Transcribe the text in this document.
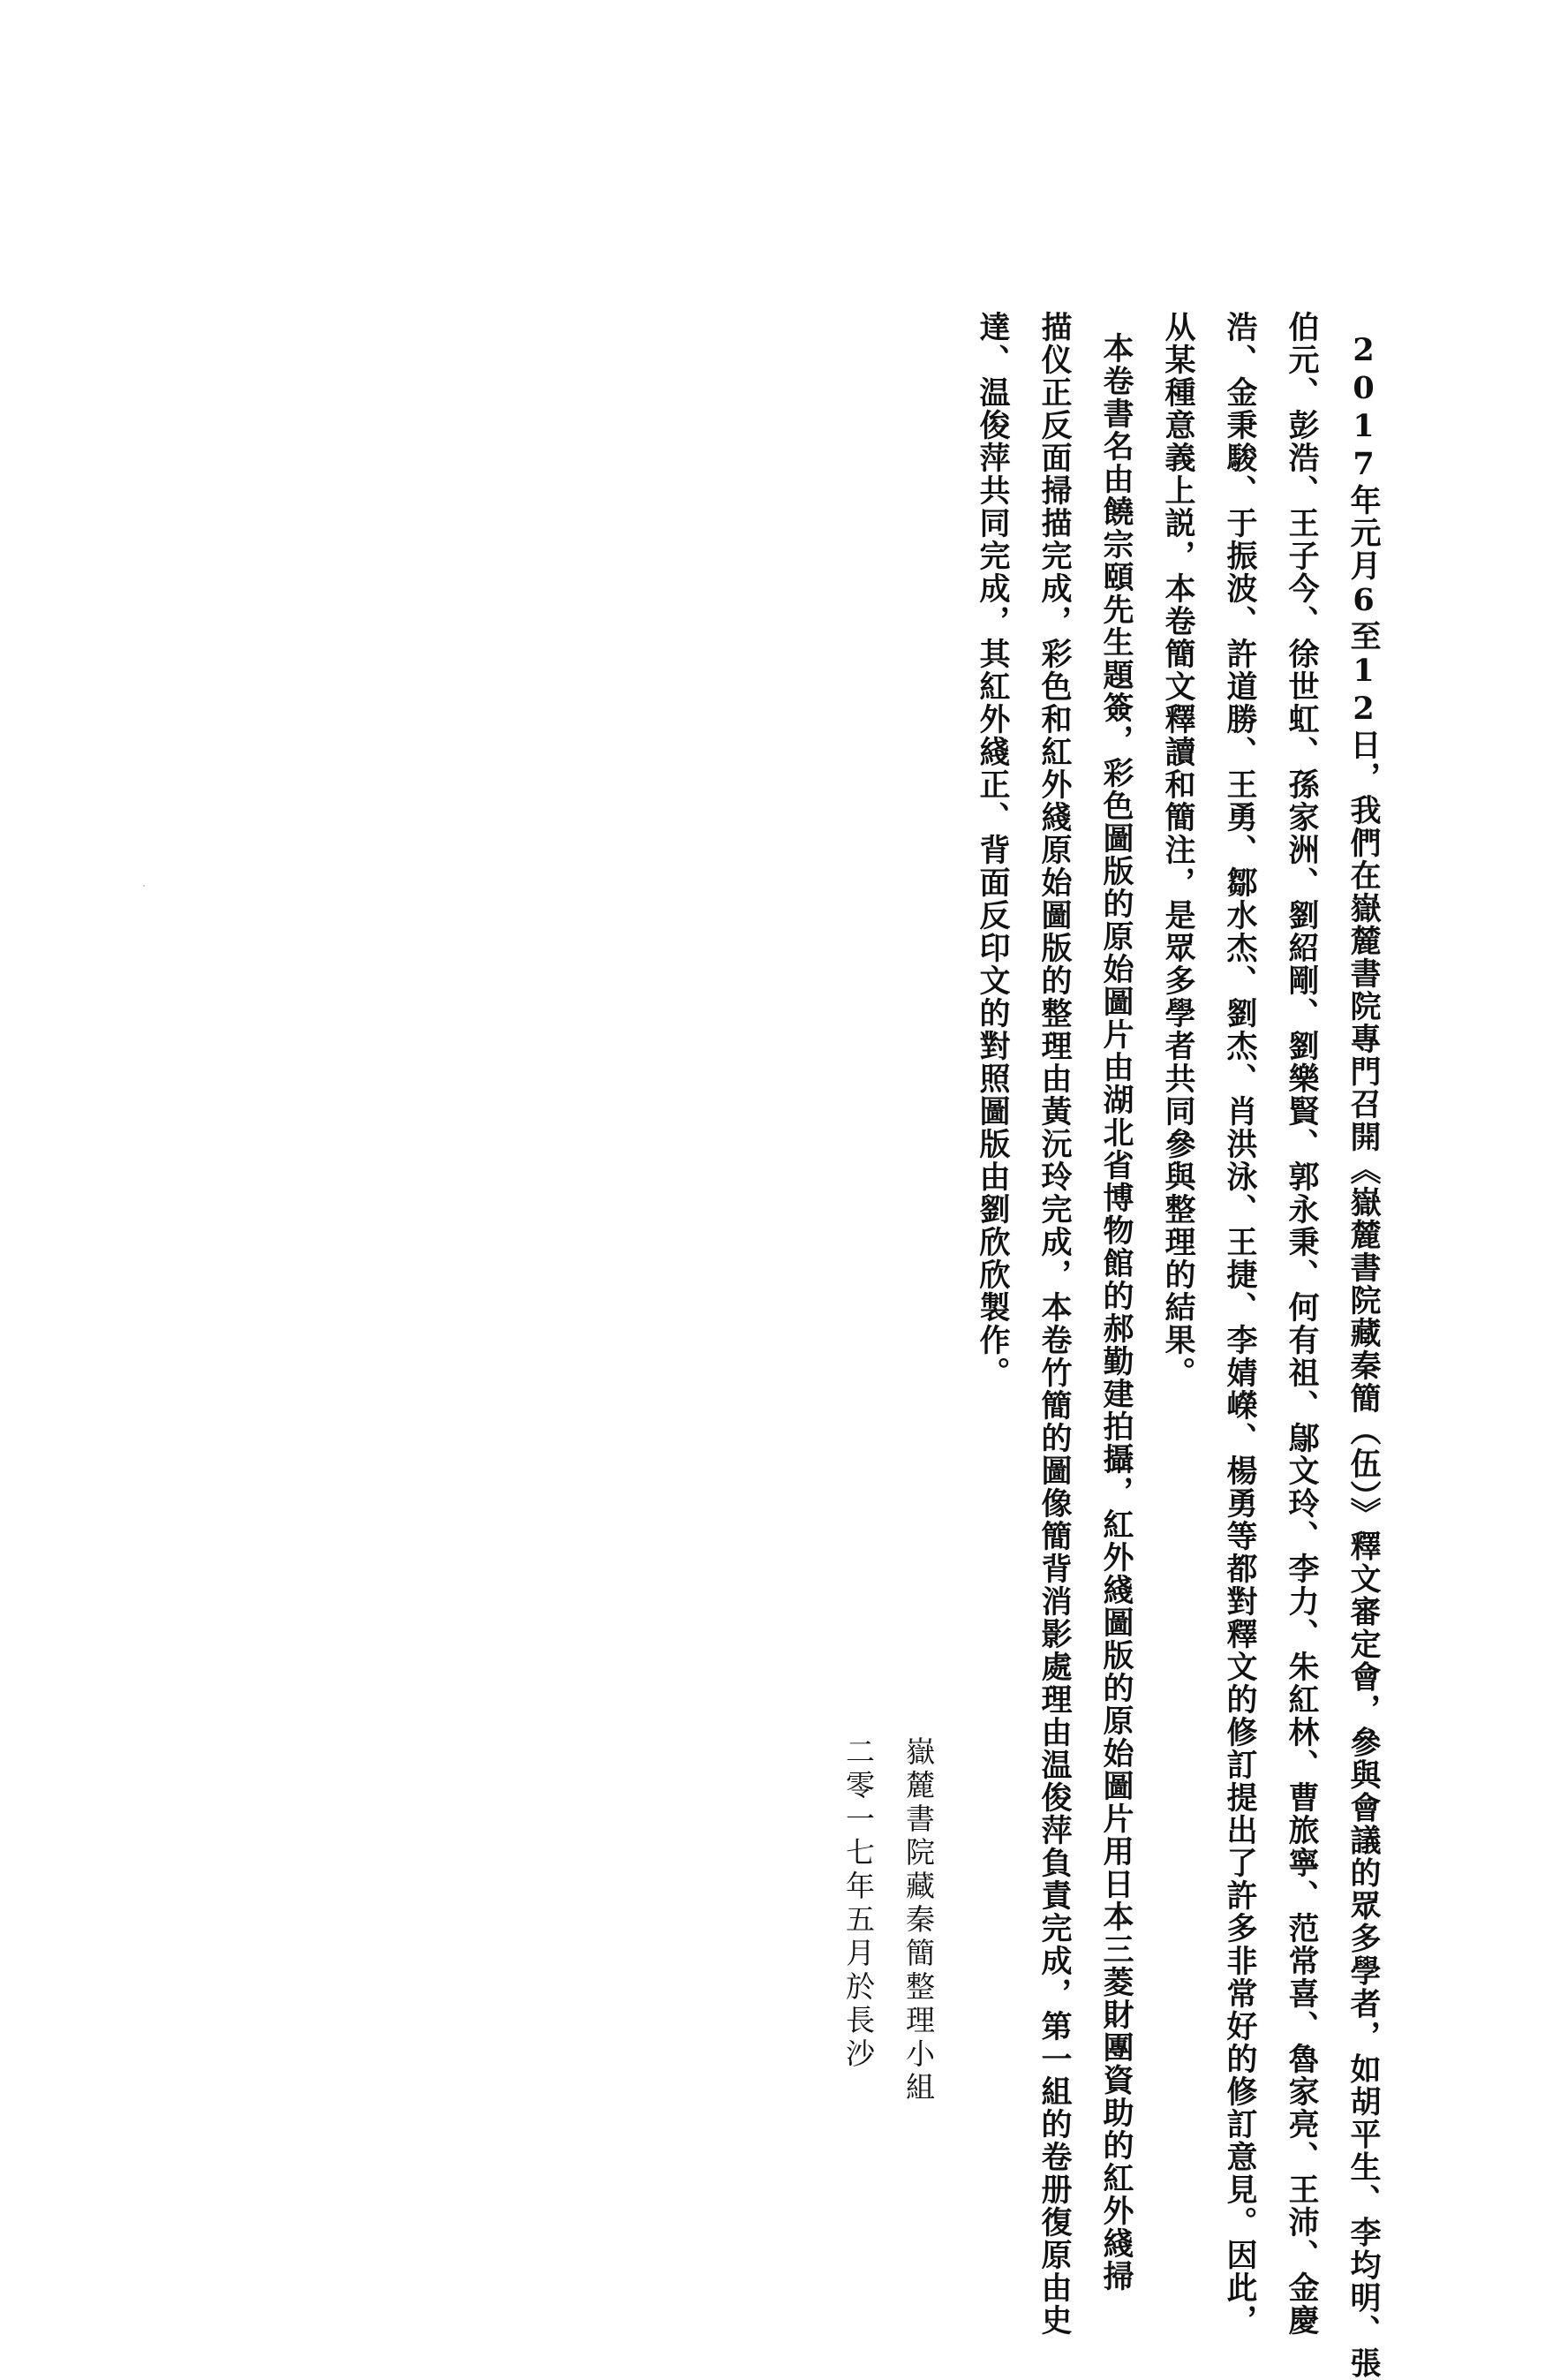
2017年元月6至12日，我們在嶽麓書院專門召開《嶽麓書院藏秦簡（伍）》釋文審定會，參與會議的眾多學者，如胡平生、李均明、張
伯元、彭浩、王子今、徐世虹、孫家洲、劉紹剛、劉樂賢、郭永秉、何有祖、鄔文玲、李力、朱紅林、曹旅寧、范常喜、魯家亮、王沛、金慶
浩、金秉駿、于振波、許道勝、王勇、鄒水杰、劉杰、肖洪泳、王捷、李婧嶸、楊勇等都對釋文的修訂提出了許多非常好的修訂意見。因此，
从某種意義上説，本卷簡文釋讀和簡注，是眾多學者共同參與整理的結果。
本卷書名由饒宗頤先生題簽，彩色圖版的原始圖片由湖北省博物館的郝勤建拍攝，紅外綫圖版的原始圖片用日本三菱財團資助的紅外綫掃
描仪正反面掃描完成，彩色和紅外綫原始圖版的整理由黃沅玲完成，本卷竹簡的圖像簡背消影處理由温俊萍負責完成，第一組的卷册復原由史
達、温俊萍共同完成，其紅外綫正、背面反印文的對照圖版由劉欣欣製作。
嶽麓書院藏秦簡整理小組
二零一七年五月於長沙
